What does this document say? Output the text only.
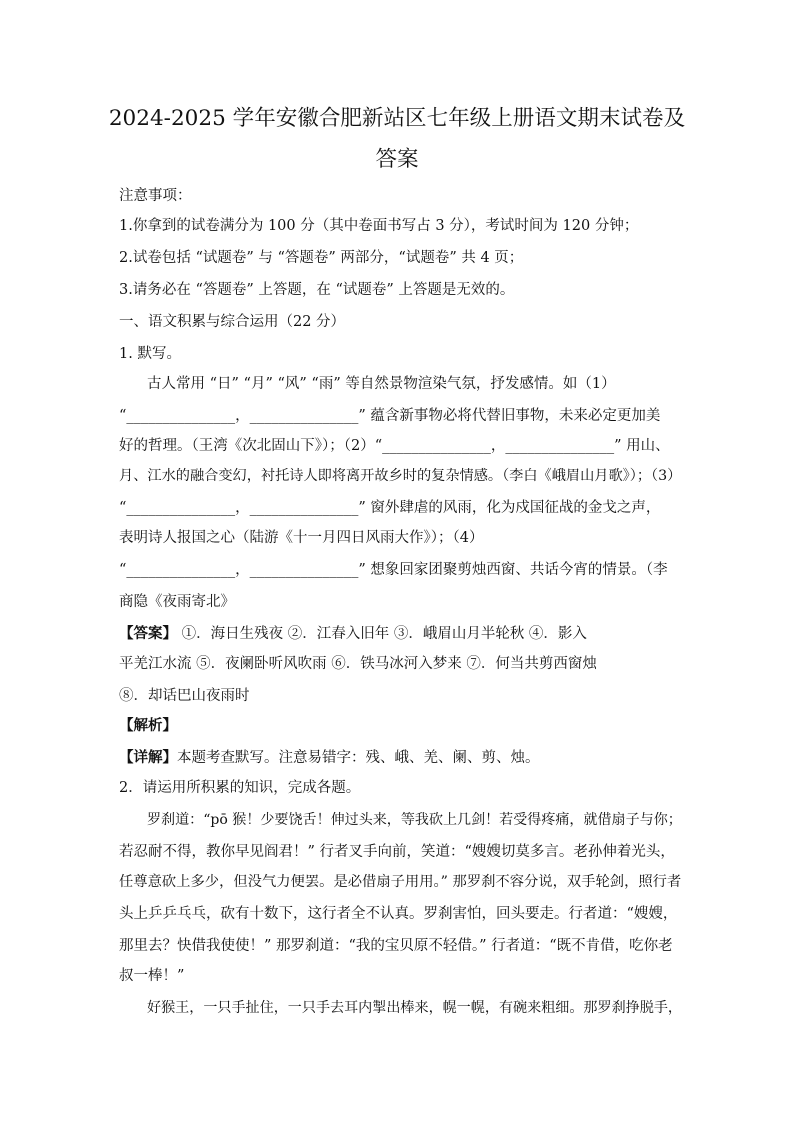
2024-2025 学年安徽合肥新站区七年级上册语文期末试卷及
答案
注意事项：
1.你拿到的试卷满分为 100 分（其中卷面书写占 3 分），考试时间为 120 分钟；
2.试卷包括 “试题卷” 与 “答题卷” 两部分，“试题卷” 共 4 页；
3.请务必在 “答题卷” 上答题，在 “试题卷” 上答题是无效的。
一、语文积累与综合运用（22 分）
1. 默写。
古人常用 “日” “月” “风” “雨” 等自然景物渲染气氛，抒发感情。如（1）
“_______________，_______________” 蕴含新事物必将代替旧事物，未来必定更加美
好的哲理。（王湾《次北固山下》）；（2）“_______________，_______________” 用山、
月、江水的融合变幻，衬托诗人即将离开故乡时的复杂情感。（李白《峨眉山月歌》）；（3）
“_______________，_______________” 窗外肆虐的风雨，化为戍国征战的金戈之声，
表明诗人报国之心（陆游《十一月四日风雨大作》）；（4）
“_______________，_______________” 想象回家团聚剪烛西窗、共话今宵的情景。（李
商隐《夜雨寄北》
【答案】 ①．海日生残夜 ②．江春入旧年 ③．峨眉山月半轮秋 ④．影入
平羌江水流 ⑤．夜阑卧听风吹雨 ⑥．铁马冰河入梦来 ⑦．何当共剪西窗烛
⑧．却话巴山夜雨时
【解析】
【详解】本题考查默写。注意易错字：残、峨、羌、阑、剪、烛。
2．请运用所积累的知识，完成各题。
罗刹道：“pō 猴！少要饶舌！伸过头来，等我砍上几剑！若受得疼痛，就借扇子与你；
若忍耐不得，教你早见阎君！” 行者叉手向前，笑道：“嫂嫂切莫多言。老孙伸着光头，
任尊意砍上多少，但没气力便罢。是必借扇子用用。” 那罗刹不容分说，双手轮剑，照行者
头上乒乒乓乓，砍有十数下，这行者全不认真。罗刹害怕，回头要走。行者道：“嫂嫂，
那里去？快借我使使！” 那罗刹道：“我的宝贝原不轻借。” 行者道：“既不肯借，吃你老
叔一棒！”
好猴王，一只手扯住，一只手去耳内掣出棒来，幌一幌，有碗来粗细。那罗刹挣脱手，
